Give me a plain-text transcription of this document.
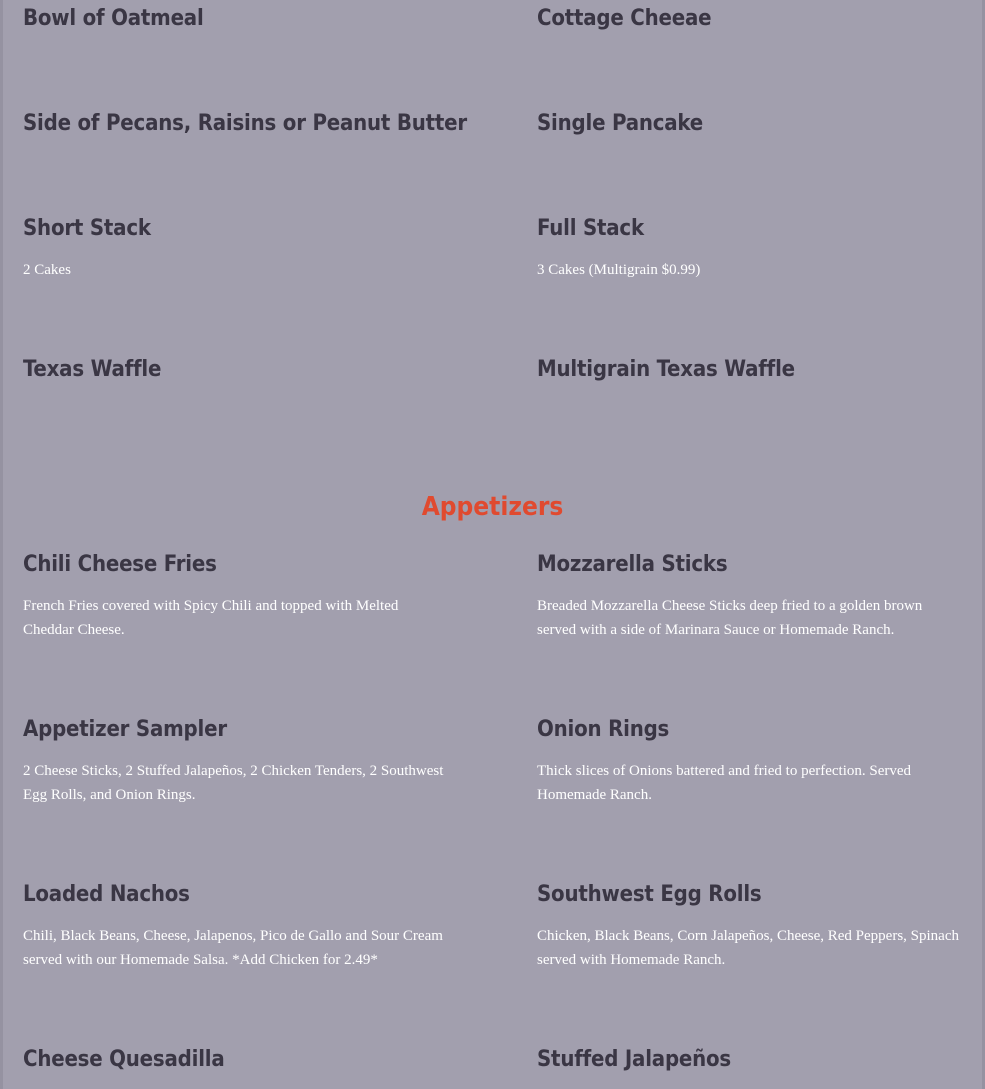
Bowl of Oatmeal	Cottage Cheeae
Side of Pecans, Raisins or Peanut Butter	Single Pancake
Short Stack

2 Cakes

Full Stack

3 Cakes (Multigrain $0.99)

Texas Waffle	Multigrain Texas Waffle
Appetizers
Chili Cheese Fries

French Fries covered with Spicy Chili and topped with Melted Cheddar Cheese.

Mozzarella Sticks

Breaded Mozzarella Cheese Sticks deep fried to a golden brown served with a side of Marinara Sauce or Homemade Ranch.

Appetizer Sampler

2 Cheese Sticks, 2 Stuffed Jalapeños, 2 Chicken Tenders, 2 Southwest Egg Rolls, and Onion Rings.

Onion Rings

Thick slices of Onions battered and fried to perfection. Served Homemade Ranch.

Loaded Nachos

Chili, Black Beans, Cheese, Jalapenos, Pico de Gallo and Sour Cream served with our Homemade Salsa. *Add Chicken for 2.49*

Southwest Egg Rolls

Chicken, Black Beans, Corn Jalapeños, Cheese, Red Peppers, Spinach served with Homemade Ranch.

Cheese Quesadilla	Stuffed Jalapeños
